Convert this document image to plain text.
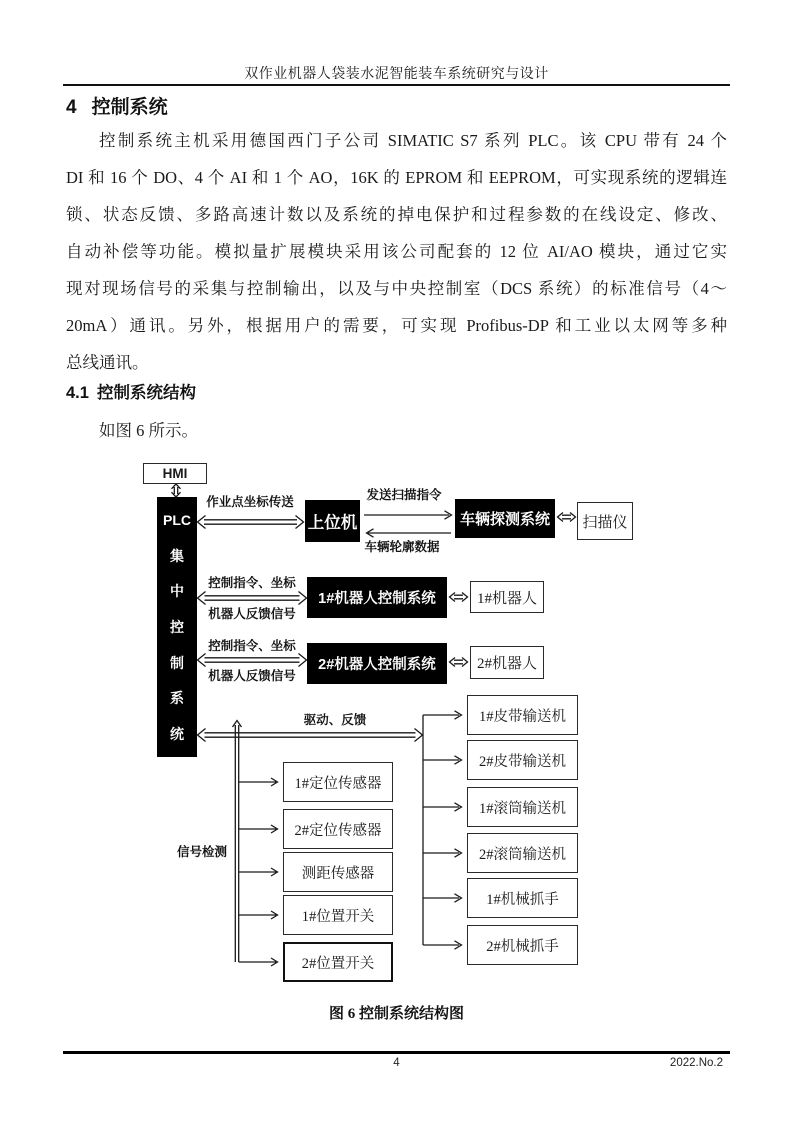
双作业机器人袋装水泥智能装车系统研究与设计
4 控制系统
控制系统主机采用德国西门子公司 SIMATIC S7 系列 PLC。该 CPU 带有 24 个
DI 和 16 个 DO、4 个 AI 和 1 个 AO，16K 的 EPROM 和 EEPROM，可实现系统的逻辑连
锁、状态反馈、多路高速计数以及系统的掉电保护和过程参数的在线设定、修改、
自动补偿等功能。模拟量扩展模块采用该公司配套的 12 位 AI/AO 模块，通过它实
现对现场信号的采集与控制输出，以及与中央控制室（DCS 系统）的标准信号（4～
20mA）通讯。另外，根据用户的需要，可实现 Profibus-DP 和工业以太网等多种
总线通讯。
4.1 控制系统结构
如图 6 所示。
HMI
PLC
集
中
控
制
系
统
上位机	车辆探测系统	扫描仪
1#机器人控制系统	1#机器人
2#机器人控制系统	2#机器人
1#定位传感器
2#定位传感器
测距传感器
1#位置开关
2#位置开关
1#皮带输送机
2#皮带输送机
1#滚筒输送机
2#滚筒输送机
1#机械抓手
2#机械抓手
作业点坐标传送	发送扫描指令
车辆轮廓数据
控制指令、坐标
机器人反馈信号
控制指令、坐标
机器人反馈信号
驱动、反馈
信号检测
图 6 控制系统结构图
4	2022.No.2
